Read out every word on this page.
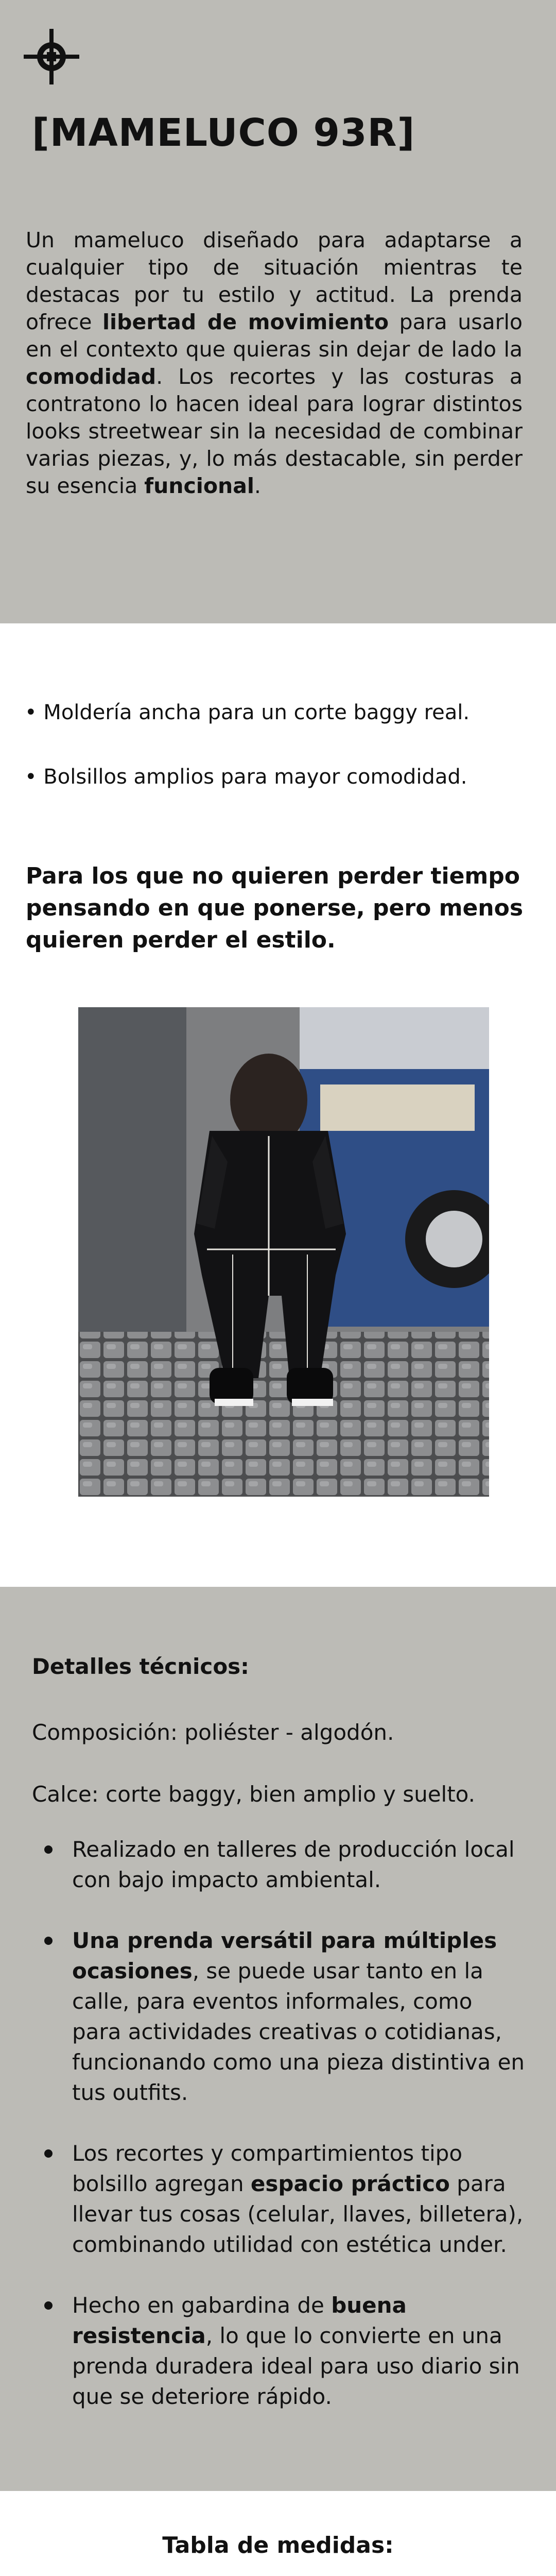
[MAMELUCO 93R]

Un mameluco diseñado para adaptarse a cualquier tipo de situación mientras te destacas por tu estilo y actitud. La prenda ofrece libertad de movimiento para usarlo en el contexto que quieras sin dejar de lado la comodidad. Los recortes y las costuras a contratono lo hacen ideal para lograr distintos looks streetwear sin la necesidad de combinar varias piezas, y, lo más destacable, sin perder su esencia funcional.

• Moldería ancha para un corte baggy real.
• Bolsillos amplios para mayor comodidad.
Para los que no quieren perder tiempo pensando en que ponerse, pero menos quieren perder el estilo.
Detalles técnicos:
Composición: poliéster - algodón.
Calce: corte baggy, bien amplio y suelto.
Realizado en talleres de producción local con bajo impacto ambiental.
Una prenda versátil para múltiples ocasiones, se puede usar tanto en la calle, para eventos informales, como para actividades creativas o cotidianas, funcionando como una pieza distintiva en tus outfits.
Los recortes y compartimientos tipo bolsillo agregan espacio práctico para llevar tus cosas (celular, llaves, billetera), combinando utilidad con estética under.
Hecho en gabardina de buena resistencia, lo que lo convierte en una prenda duradera ideal para uso diario sin que se deteriore rápido.
Tabla de medidas:
